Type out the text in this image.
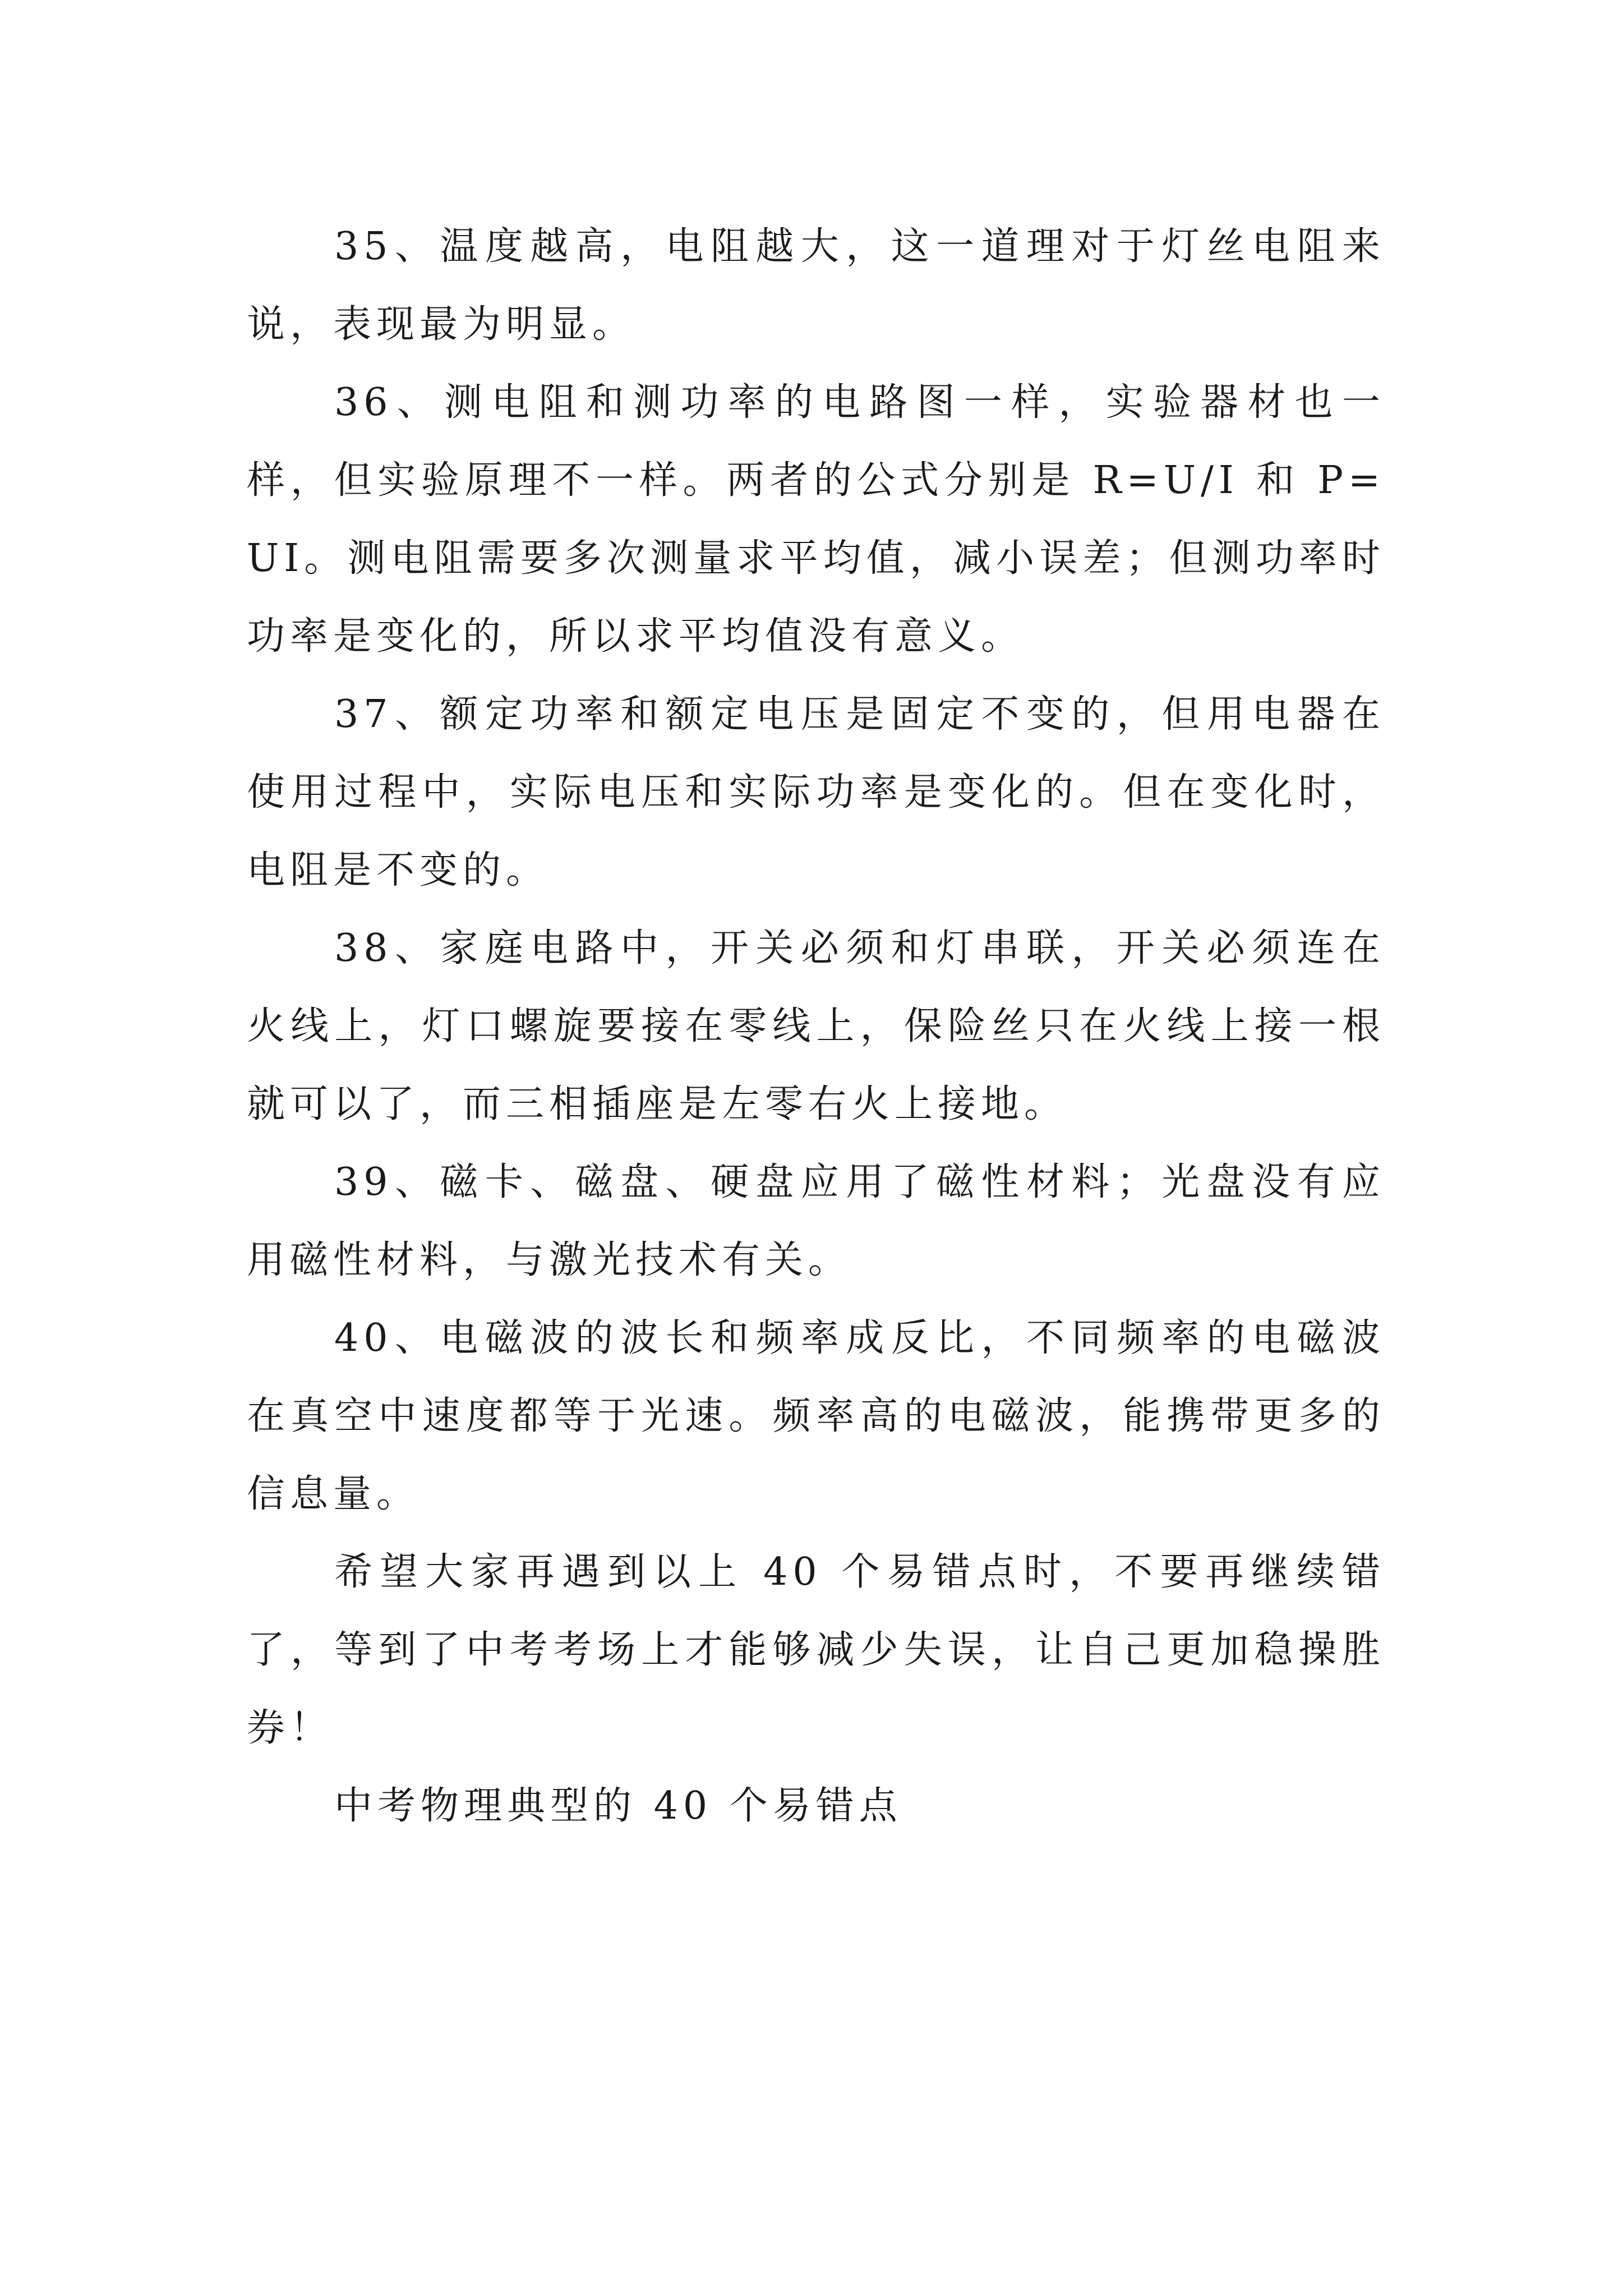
35、温度越高，电阻越大，这一道理对于灯丝电阻来说，表现最为明显。

36、测电阻和测功率的电路图一样，实验器材也一样，但实验原理不一样。两者的公式分别是 R=U/I 和 P=UI。测电阻需要多次测量求平均值，减小误差；但测功率时功率是变化的，所以求平均值没有意义。

37、额定功率和额定电压是固定不变的，但用电器在使用过程中，实际电压和实际功率是变化的。但在变化时，电阻是不变的。

38、家庭电路中，开关必须和灯串联，开关必须连在火线上，灯口螺旋要接在零线上，保险丝只在火线上接一根就可以了，而三相插座是左零右火上接地。

39、磁卡、磁盘、硬盘应用了磁性材料；光盘没有应用磁性材料，与激光技术有关。

40、电磁波的波长和频率成反比，不同频率的电磁波在真空中速度都等于光速。频率高的电磁波，能携带更多的信息量。

希望大家再遇到以上 40 个易错点时，不要再继续错了，等到了中考考场上才能够减少失误，让自己更加稳操胜券！

中考物理典型的 40 个易错点
